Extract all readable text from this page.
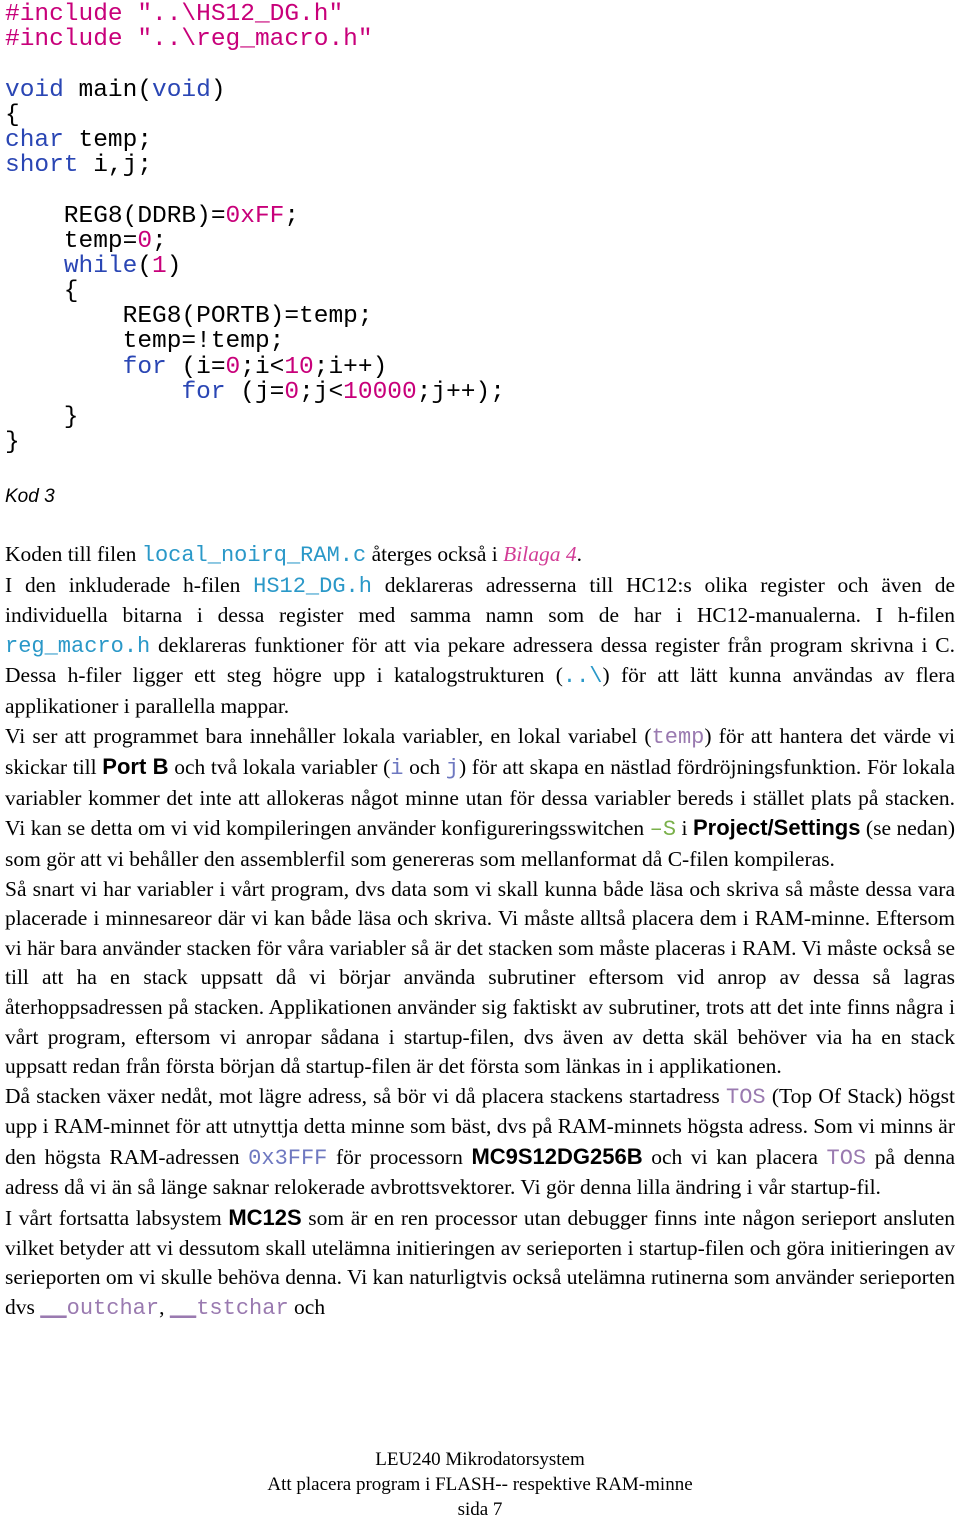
#include "..\HS12_DG.h"
#include "..\reg_macro.h"

void main(void)
{
char temp;
short i,j;

REG8(DDRB)=0xFF;
temp=0;
while(1)
{
REG8(PORTB)=temp;
temp=!temp;
for (i=0;i<10;i++)
for (j=0;j<10000;j++);
}
}
Kod 3

Koden till filen local_noirq_RAM.c återges också i Bilaga 4.

I den inkluderade h-filen HS12_DG.h deklareras adresserna till HC12:s olika register och även de individuella bitarna i dessa register med samma namn som de har i HC12-manualerna. I h-filen reg_macro.h deklareras funktioner för att via pekare adressera dessa register från program skrivna i C. Dessa h-filer ligger ett steg högre upp i katalogstrukturen (..\) för att lätt kunna användas av flera applikationer i parallella mappar.

Vi ser att programmet bara innehåller lokala variabler, en lokal variabel (temp) för att hantera det värde vi skickar till Port B och två lokala variabler (i och j) för att skapa en nästlad fördröjningsfunktion. För lokala variabler kommer det inte att allokeras något minne utan för dessa variabler bereds i stället plats på stacken. Vi kan se detta om vi vid kompileringen använder konfigureringsswitchen –S i Project/Settings (se nedan) som gör att vi behåller den assemblerfil som genereras som mellanformat då C-filen kompileras.

Så snart vi har variabler i vårt program, dvs data som vi skall kunna både läsa och skriva så måste dessa vara placerade i minnesareor där vi kan både läsa och skriva. Vi måste alltså placera dem i RAM-minne. Eftersom vi här bara använder stacken för våra variabler så är det stacken som måste placeras i RAM. Vi måste också se till att ha en stack uppsatt då vi börjar använda subrutiner eftersom vid anrop av dessa så lagras återhoppsadressen på stacken. Applikationen använder sig faktiskt av subrutiner, trots att det inte finns några i vårt program, eftersom vi anropar sådana i startup-filen, dvs även av detta skäl behöver via ha en stack uppsatt redan från första början då startup-filen är det första som länkas in i applikationen.

Då stacken växer nedåt, mot lägre adress, så bör vi då placera stackens startadress TOS (Top Of Stack) högst upp i RAM-minnet för att utnyttja detta minne som bäst, dvs på RAM-minnets högsta adress. Som vi minns är den högsta RAM-adressen 0x3FFF för processorn MC9S12DG256B och vi kan placera TOS på denna adress då vi än så länge saknar relokerade avbrottsvektorer. Vi gör denna lilla ändring i vår startup-fil.

I vårt fortsatta labsystem MC12S som är en ren processor utan debugger finns inte någon serieport ansluten vilket betyder att vi dessutom skall utelämna initieringen av serieporten i startup-filen och göra initieringen av serieporten om vi skulle behöva denna. Vi kan naturligtvis också utelämna rutinerna som använder serieporten dvs __outchar, __tstchar och

LEU240 Mikrodatorsystem
Att placera program i FLASH-- respektive RAM-minne
sida 7
